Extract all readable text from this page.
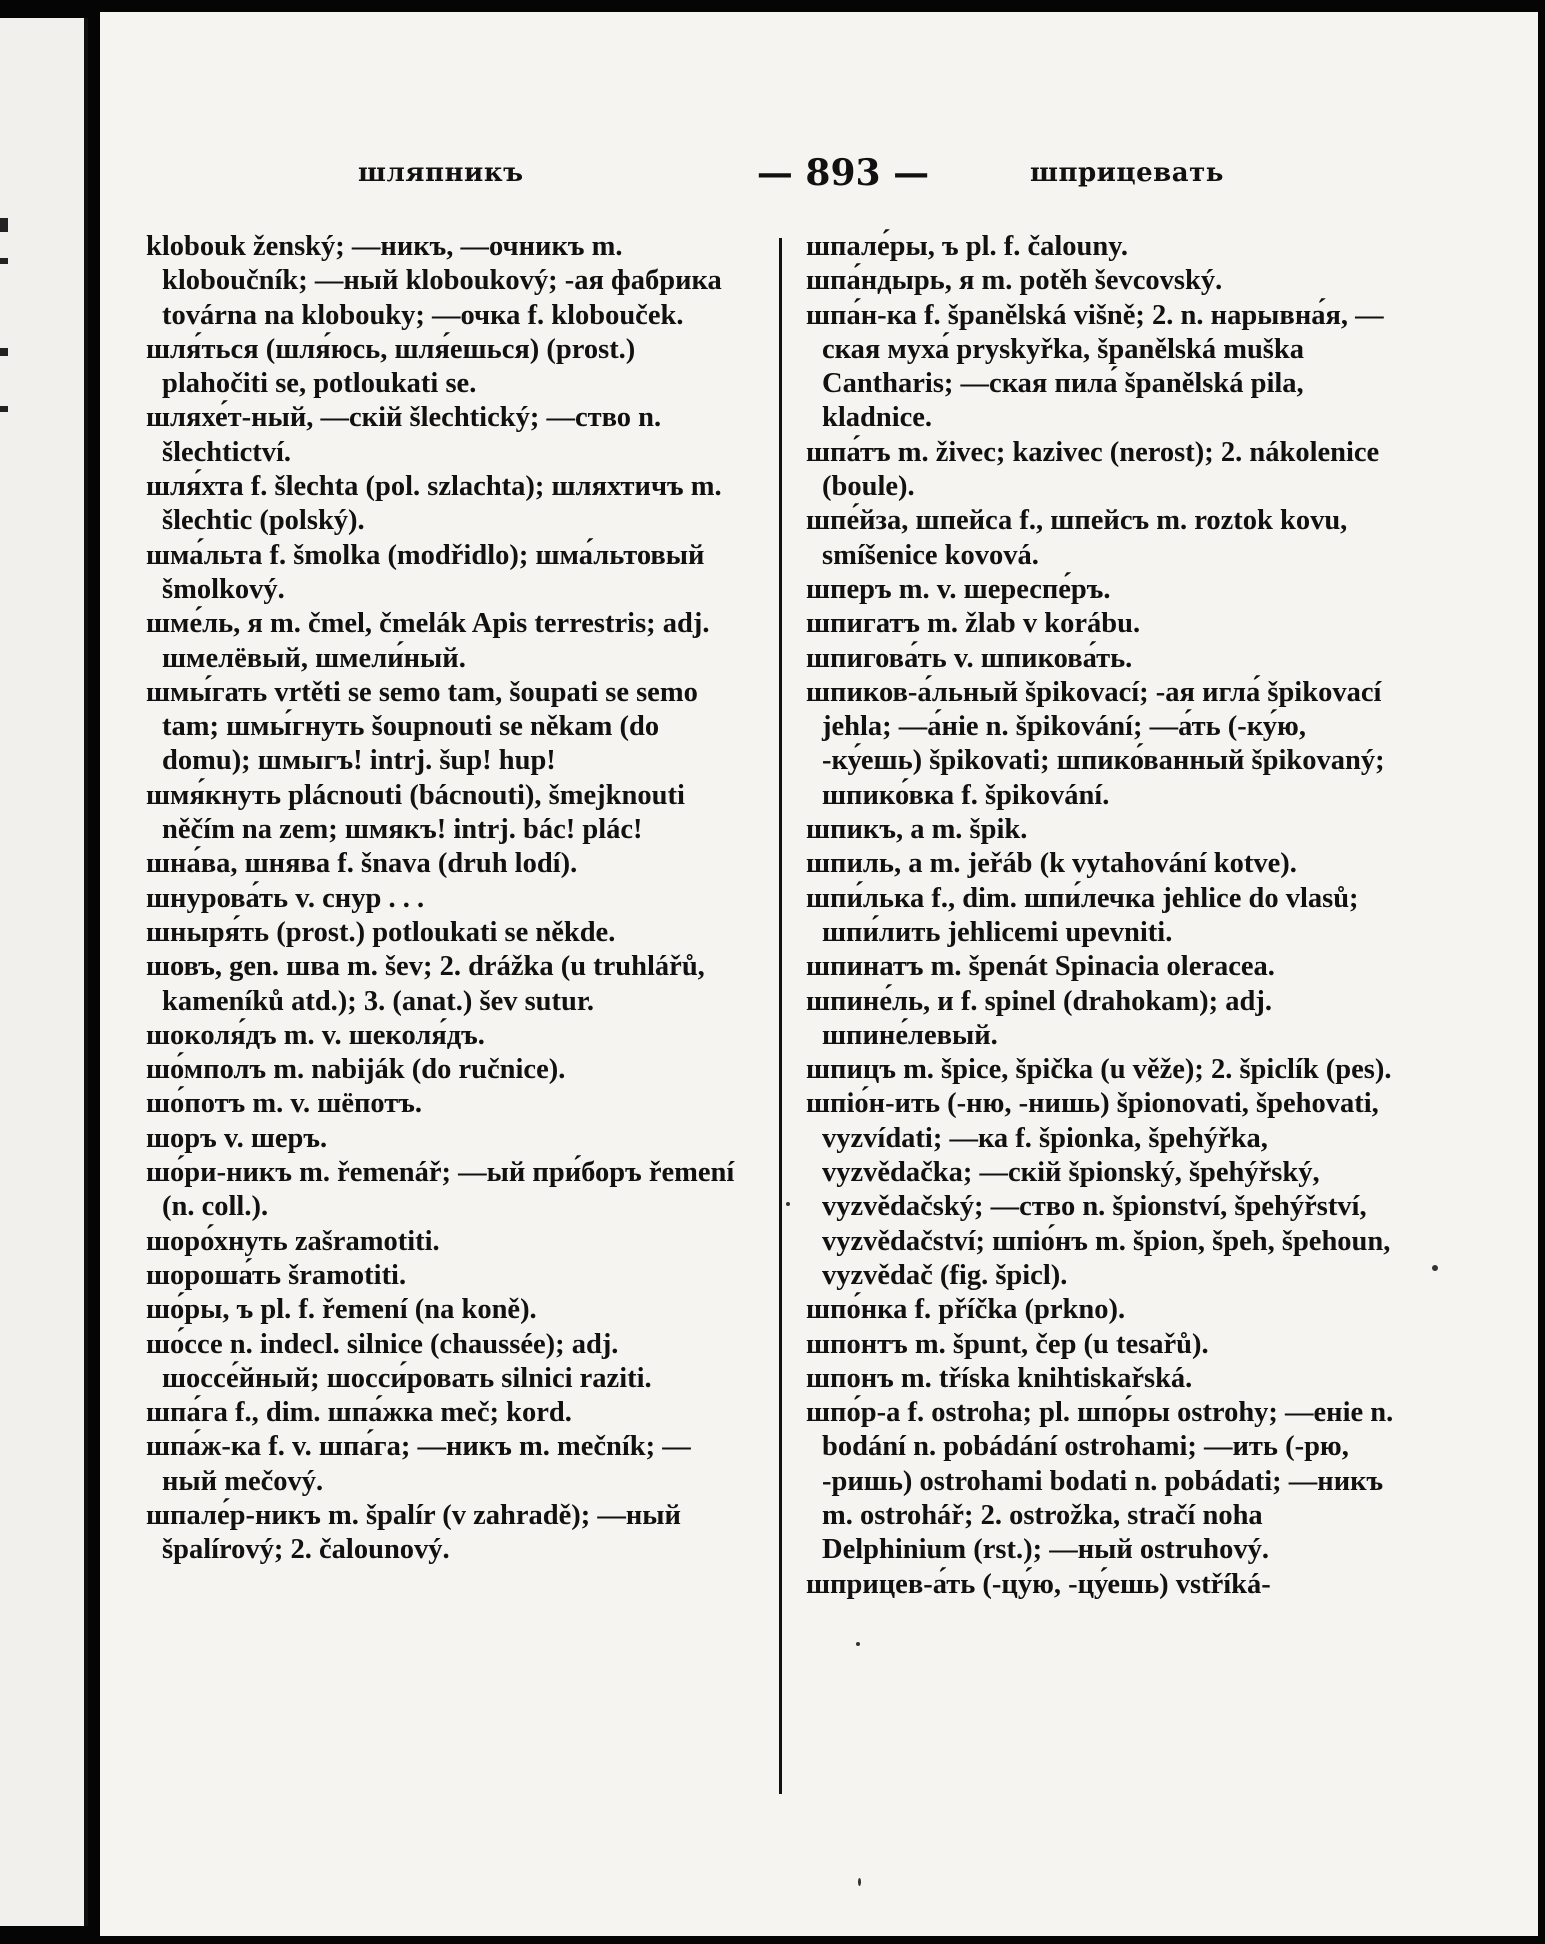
шляпникъ	— 893 —	шприцевать

klobouk ženský; —никъ, —очникъ m. kloboučník; —ный kloboukový; -ая фабрика továrna na klobouky; —очка f. klobouček.

шля́ться (шля́юсь, шля́ешься) (prost.) plahočiti se, potloukati se.

шляхе́т-ный, —скій šlechtický; —ство n. šlechtictví.

шля́хта f. šlechta (pol. szlachta); шляхтичъ m. šlechtic (polský).

шма́льта f. šmolka (modřidlo); шма́льтовый šmolkový.

шме́ль, я m. čmel, čmelák Apis terrestris; adj. шмелёвый, шмели́ный.

шмы́гать vrtěti se semo tam, šoupati se semo tam; шмы́гнуть šoupnouti se někam (do domu); шмыгъ! intrj. šup! hup!

шмя́кнуть plácnouti (bácnouti), šmejknouti něčím na zem; шмякъ! intrj. bác! plác!

шна́ва, шнява f. šnava (druh lodí).

шнурова́ть v. снур . . .

шныря́ть (prost.) potloukati se někde.

шовъ, gen. шва m. šev; 2. drážka (u truhlářů, kameníků atd.); 3. (anat.) šev sutur.

шоколя́дъ m. v. шеколя́дъ.

шо́мполъ m. nabiják (do ručnice).

шо́потъ m. v. шёпотъ.

шоръ v. шеръ.

шо́ри-никъ m. řemenář; —ый при́боръ řemení (n. coll.).

шоро́хнуть zašramotiti.

шороша́ть šramotiti.

шо́ры, ъ pl. f. řemení (na koně).

шо́ссе n. indecl. silnice (chaussée); adj. шоссе́йный; шосси́ровать silnici raziti.

шпа́га f., dim. шпа́жка meč; kord.

шпа́ж-ка f. v. шпа́га; —никъ m. mečník; —ный mečový.

шпале́р-никъ m. špalír (v zahradě); —ный špalírový; 2. čalounový.

шпале́ры, ъ pl. f. čalouny.

шпа́ндырь, я m. potěh ševcovský.

шпа́н-ка f. španělská višně; 2. n. нарывна́я, —ская муха́ pryskyřka, španělská muška Cantharis; —ская пила́ španělská pila, kladnice.

шпа́тъ m. živec; kazivec (nerost); 2. nákolenice (boule).

шпе́йза, шпейса f., шпейсъ m. roztok kovu, smíšenice kovová.

шперъ m. v. шереспе́ръ.

шпигатъ m. žlab v korábu.

шпигова́ть v. шпикова́ть.

шпиков-а́льный špikovací; -ая игла́ špikovací jehla; —а́ніе n. špikování; —а́ть (-ку́ю, -ку́ешь) špikovati; шпико́ванный špikovaný; шпико́вка f. špikování.

шпикъ, а m. špik.

шпиль, а m. jeřáb (k vytahování kotve).

шпи́лька f., dim. шпи́лечка jehlice do vlasů; шпи́лить jehlicemi upevniti.

шпинатъ m. špenát Spinacia oleracea.

шпине́ль, и f. spinel (drahokam); adj. шпине́левый.

шпицъ m. špice, špička (u věže); 2. špiclík (pes).

шпіо́н-ить (-ню, -нишь) špionovati, špehovati, vyzvídati; —ка f. špionka, špehýřka, vyzvědačka; —скій špionský, špehýřský, vyzvědačský; —ство n. špionství, špehýřství, vyzvědačství; шпіо́нъ m. špion, špeh, špehoun, vyzvědač (fig. špicl).

шпо́нка f. příčka (prkno).

шпонтъ m. špunt, čep (u tesařů).

шпонъ m. tříska knihtiskařská.

шпо́р-а f. ostroha; pl. шпо́ры ostrohy; —еніе n. bodání n. pobádání ostrohami; —ить (-рю, -ришь) ostrohami bodati n. pobádati; —никъ m. ostrohář; 2. ostrožka, stračí noha Delphinium (rst.); —ный ostruhový.

шприцев-а́ть (-цу́ю, -цу́ешь) vstříká-
